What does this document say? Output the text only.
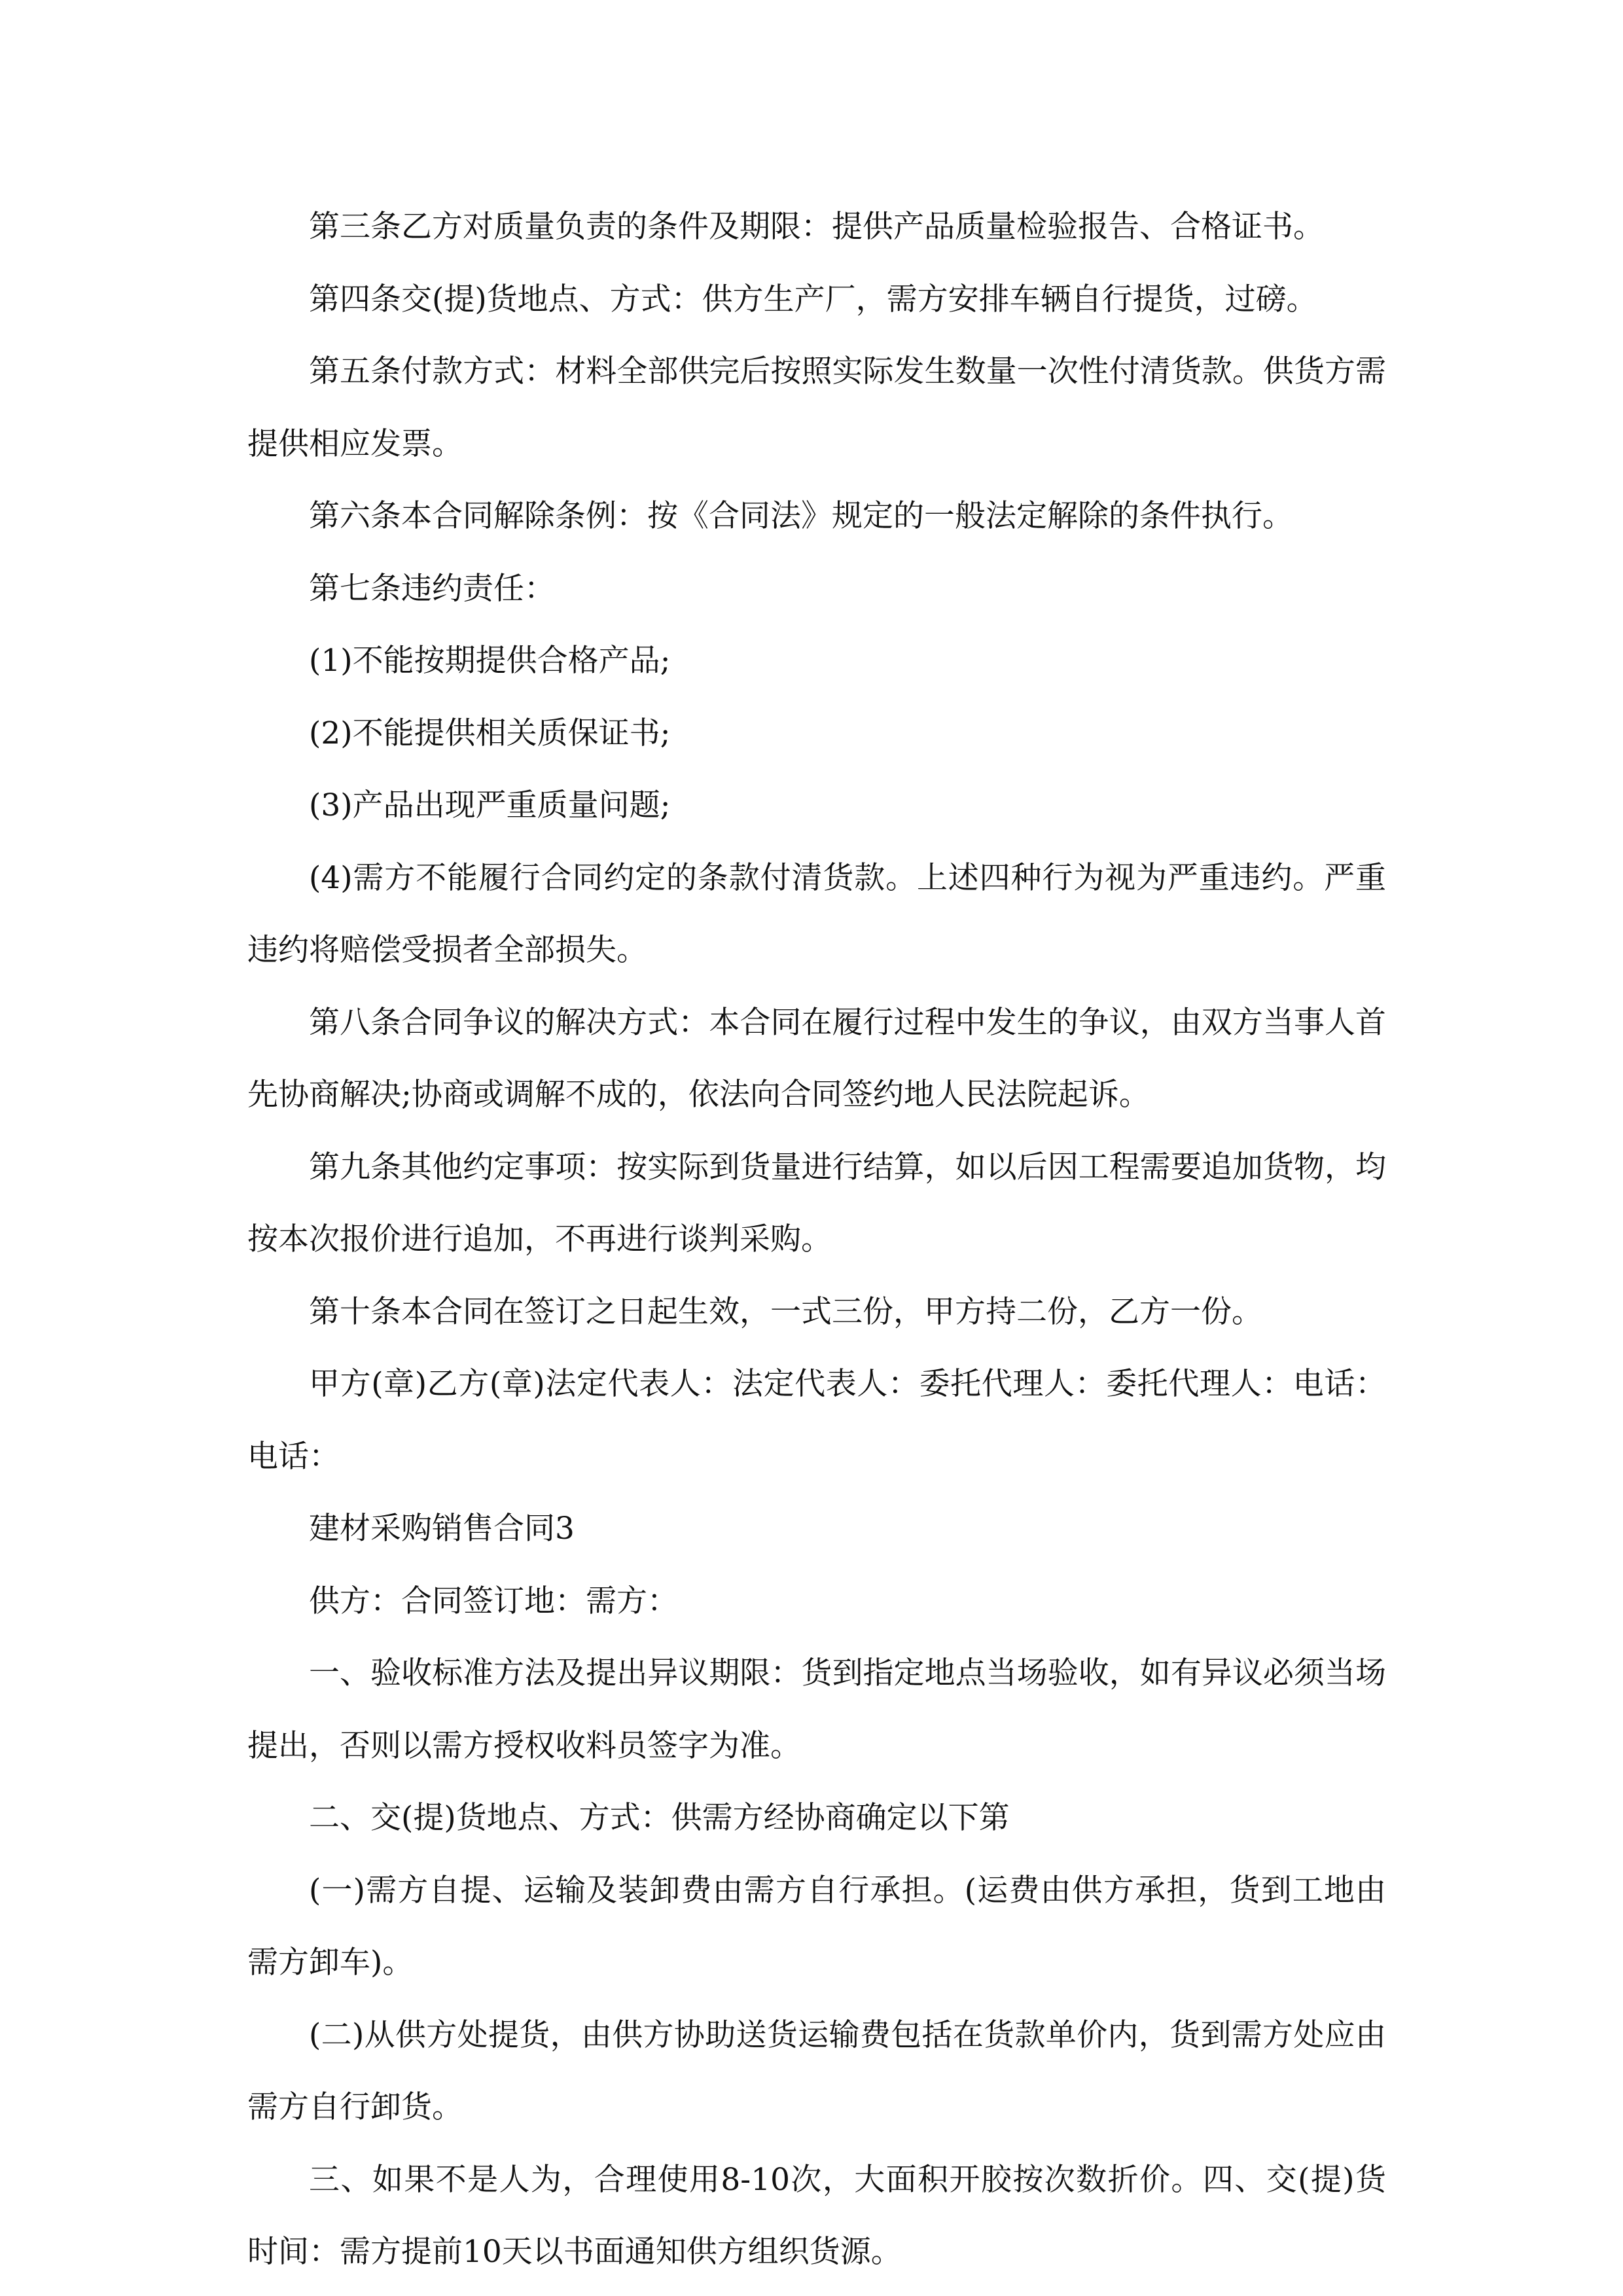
第三条乙方对质量负责的条件及期限：提供产品质量检验报告、合格证书。

第四条交(提)货地点、方式：供方生产厂，需方安排车辆自行提货，过磅。

第五条付款方式：材料全部供完后按照实际发生数量一次性付清货款。供货方需提供相应发票。

第六条本合同解除条例：按《合同法》规定的一般法定解除的条件执行。

第七条违约责任：

(1)不能按期提供合格产品;

(2)不能提供相关质保证书;

(3)产品出现严重质量问题;

(4)需方不能履行合同约定的条款付清货款。上述四种行为视为严重违约。严重违约将赔偿受损者全部损失。

第八条合同争议的解决方式：本合同在履行过程中发生的争议，由双方当事人首先协商解决;协商或调解不成的，依法向合同签约地人民法院起诉。

第九条其他约定事项：按实际到货量进行结算，如以后因工程需要追加货物，均按本次报价进行追加，不再进行谈判采购。

第十条本合同在签订之日起生效，一式三份，甲方持二份，乙方一份。

甲方(章)乙方(章)法定代表人：法定代表人：委托代理人：委托代理人：电话：电话：

建材采购销售合同3

供方：合同签订地：需方：

一、验收标准方法及提出异议期限：货到指定地点当场验收，如有异议必须当场提出，否则以需方授权收料员签字为准。

二、交(提)货地点、方式：供需方经协商确定以下第

(一)需方自提、运输及装卸费由需方自行承担。(运费由供方承担，货到工地由需方卸车)。

(二)从供方处提货，由供方协助送货运输费包括在货款单价内，货到需方处应由需方自行卸货。

三、如果不是人为，合理使用8-10次，大面积开胶按次数折价。四、交(提)货时间：需方提前10天以书面通知供方组织货源。
